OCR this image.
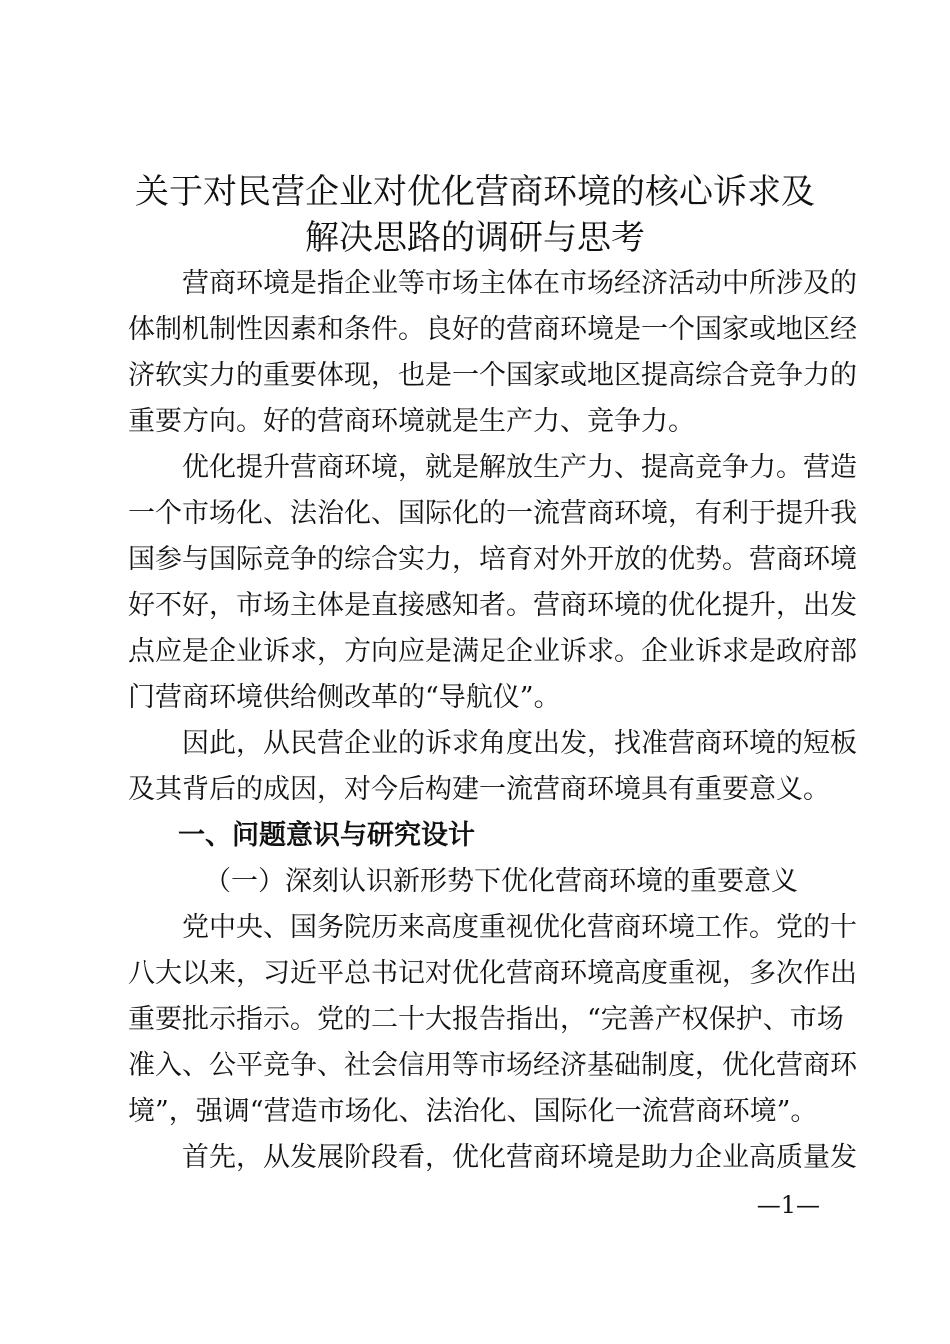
关于对民营企业对优化营商环境的核心诉求及
解决思路的调研与思考
营商环境是指企业等市场主体在市场经济活动中所涉及的
体制机制性因素和条件。良好的营商环境是一个国家或地区经
济软实力的重要体现，也是一个国家或地区提高综合竞争力的
重要方向。好的营商环境就是生产力、竞争力。
优化提升营商环境，就是解放生产力、提高竞争力。营造
一个市场化、法治化、国际化的一流营商环境，有利于提升我
国参与国际竞争的综合实力，培育对外开放的优势。营商环境
好不好，市场主体是直接感知者。营商环境的优化提升，出发
点应是企业诉求，方向应是满足企业诉求。企业诉求是政府部
门营商环境供给侧改革的“导航仪”。
因此，从民营企业的诉求角度出发，找准营商环境的短板
及其背后的成因，对今后构建一流营商环境具有重要意义。
一、问题意识与研究设计
（一）深刻认识新形势下优化营商环境的重要意义
党中央、国务院历来高度重视优化营商环境工作。党的十
八大以来，习近平总书记对优化营商环境高度重视，多次作出
重要批示指示。党的二十大报告指出，“完善产权保护、市场
准入、公平竞争、社会信用等市场经济基础制度，优化营商环
境”，强调“营造市场化、法治化、国际化一流营商环境”。
首先，从发展阶段看，优化营商环境是助力企业高质量发
—1—
